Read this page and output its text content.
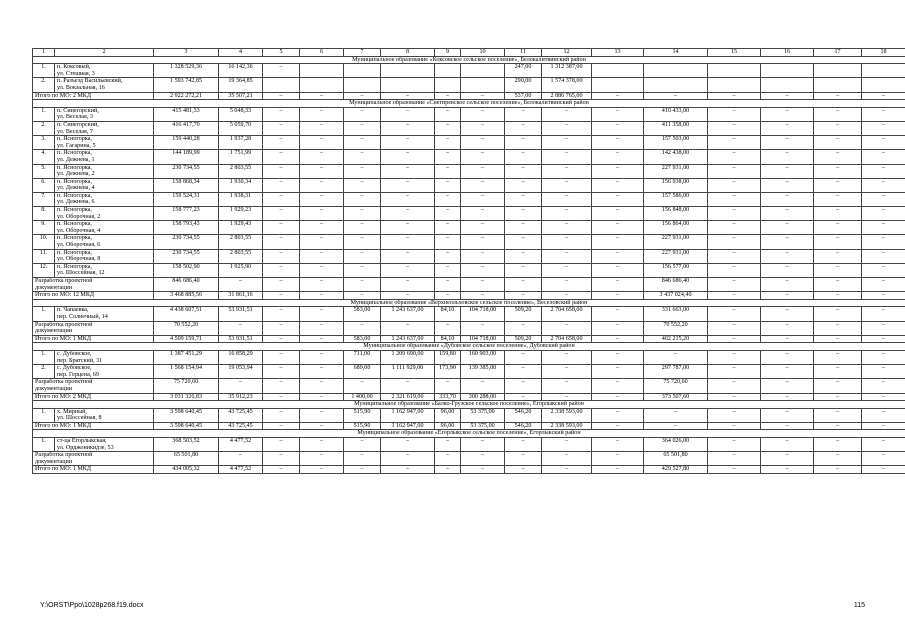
1	2	3	4	5	6	7	8	9	10	11	12	13	14	15	16	17	18
Муниципальное образование «Коксовское сельское поселение», Белокалитвинский район																	
1.	п. Коксовый,
ул. Стешиая, 3	1 328 529,36	16 142,36	–						247,00	1 312 387,00						
2.	п. Разъезд Васильевский,
ул. Вокзальная, 16	1 593 742,85	19 364,85							290,00	1 574 378,00						
Итого по МО: 2 МКД		2 922 272,21	35 507,21	–	–	–	–	–	–	537,00	2 886 765,00	–	–	–	–	–	–
Муниципальное образование «Снегиревское сельское поселение», Белокалитвинский район																	
1.	п. Синегорский,
ул. Веселая, 3	415 481,33	5 048,33	–	–	–	–	–	–	–	–	–	410 433,00	–	–	–	–
2.	п. Синегорский,
ул. Веселая, 7	416 417,70	5 059,70	–	–	–	–	–	–	–	–	–	411 358,00	–	–	–	–
3.	п. Ясногорка,
ул. Гагарина, 5	159 440,28	1 937,28	–	–	–	–	–	–	–	–	–	157 503,00	–	–	–	–
4.	п. Ясногорка,
ул. Дежнева, 1	144 189,99	1 751,99	–	–	–	–	–	–	–	–	–	142 438,00	–	–	–	–
5.	п. Ясногорка,
ул. Дежнева, 2	230 734,55	2 803,55	–	–	–	–	–	–	–	–	–	227 931,00	–	–	–	–
6.	п. Ясногорка,
ул. Дежнева, 4	158 868,34	1 930,34	–	–	–	–	–	–	–	–	–	156 938,00	–	–	–	–
7.	п. Ясногорка,
ул. Дежнева, 6	159 524,31	1 938,31	–	–	–	–	–	–	–	–	–	157 586,00	–	–	–	–
8.	п. Ясногорка,
ул. Оборочная, 2	158 777,23	1 929,23	–	–	–	–	–	–	–	–	–	156 848,00	–	–	–	–
9.	п. Ясногорка,
ул. Оборочная, 4	158 793,43	1 929,43	–	–	–	–	–	–	–	–	–	156 864,00	–	–	–	–
10.	п. Ясногорка,
ул. Оборочная, 6	230 734,55	2 803,55	–	–	–	–	–	–	–	–	–	227 931,00	–	–	–	–
11.	п. Ясногорка,
ул. Оборочная, 8	230 734,55	2 803,55	–	–	–	–	–	–	–	–	–	227 931,00	–	–	–	–
12.	п. Ясногорка,
ул. Шоссейная, 12	158 502,90	1 925,90	–	–	–	–	–	–	–	–	–	156 577,00	–	–	–	–
Разработка проектной
документации		846 686,40	–	–	–	–	–	–	–	–	–	–	846 686,40	–	–	–	–
Итого по МО: 12 МКД		3 468 885,56	31 861,16	–	–	–	–	–	–	–	–	–	3 437 024,40	–	–	–	–
Муниципальное образование «Верхнеольховское сельское поселение», Веселовский район																	
1.	п. Чапаевка,
пер. Солнечный, 14	4 438 607,51	53 931,51	–	–	583,00	1 243 637,00	84,10	104 718,00	509,20	2 704 658,00	–	331 663,00	–	–	–	–
Разработка проектной
документации		70 552,20	–	–	–	–	–	–	–	–	–	–	70 552,20	–	–	–	–
Итого по МО: 1 МКД		4 509 159,71	53 931,51	–	–	583,00	1 243 637,00	84,10	104 718,00	509,20	2 704 658,00	–	402 215,20	–	–	–	–
Муниципальное образование «Дубовское сельское поселение», Дубовский район																	
1.	с. Дубовское,
пер. Братский, 31	1 387 451,29	16 858,29	–	–	711,00	1 209 690,00	159,80	160 903,00	–	–	–	–	–	–	–	–
2.	с. Дубовское,
пер. Герцена, 69	1 568 154,94	19 053,94	–	–	689,00	1 111 929,00	173,90	139 385,00	–	–	–	297 787,00	–	–	–	–
Разработка проектной
документации		75 720,60	–	–	–	–	–	–	–	–	–	–	75 720,60	–	–	–	–
Итого по МО: 2 МКД		3 031 326,83	35 912,23	–	–	1 400,00	2 321 619,00	333,70	300 288,00	–	–	–	373 507,60	–	–	–	–
Муниципальное образование «Балко-Грузское сельское поселение», Егорлыкский район																	
1.	х. Мирный,
ул. Шоссейная, 8	3 598 640,45	43 725,45	–	–	515,90	1 162 947,00	96,00	53 375,00	546,20	2 338 593,00	–	–	–	–	–	–
Итого по МО: 1 МКД		3 598 640,45	43 725,45	–	–	515,90	1 162 947,00	96,00	53 375,00	546,20	2 338 593,00	–	–	–	–	–	–
Муниципальное образование «Егорлыкское сельское поселение», Егорлыкский район																	
1.	ст-ца Егорлыкская,
ул. Орджоникидзе, 53	368 503,52	4 477,52	–	–	–	–	–	–	–	–	–	364 026,00	–	–	–	–
Разработка проектной
документации		65 501,80	–	–	–	–	–	–	–	–	–	–	65 501,80	–	–	–	–
Итого по МО: 1 МКД		434 005,32	4 477,52	–	–	–	–	–	–	–	–	–	429 527,80	–	–	–	–
Y:\ORST\Ppo\1028p268.f19.docx	115
